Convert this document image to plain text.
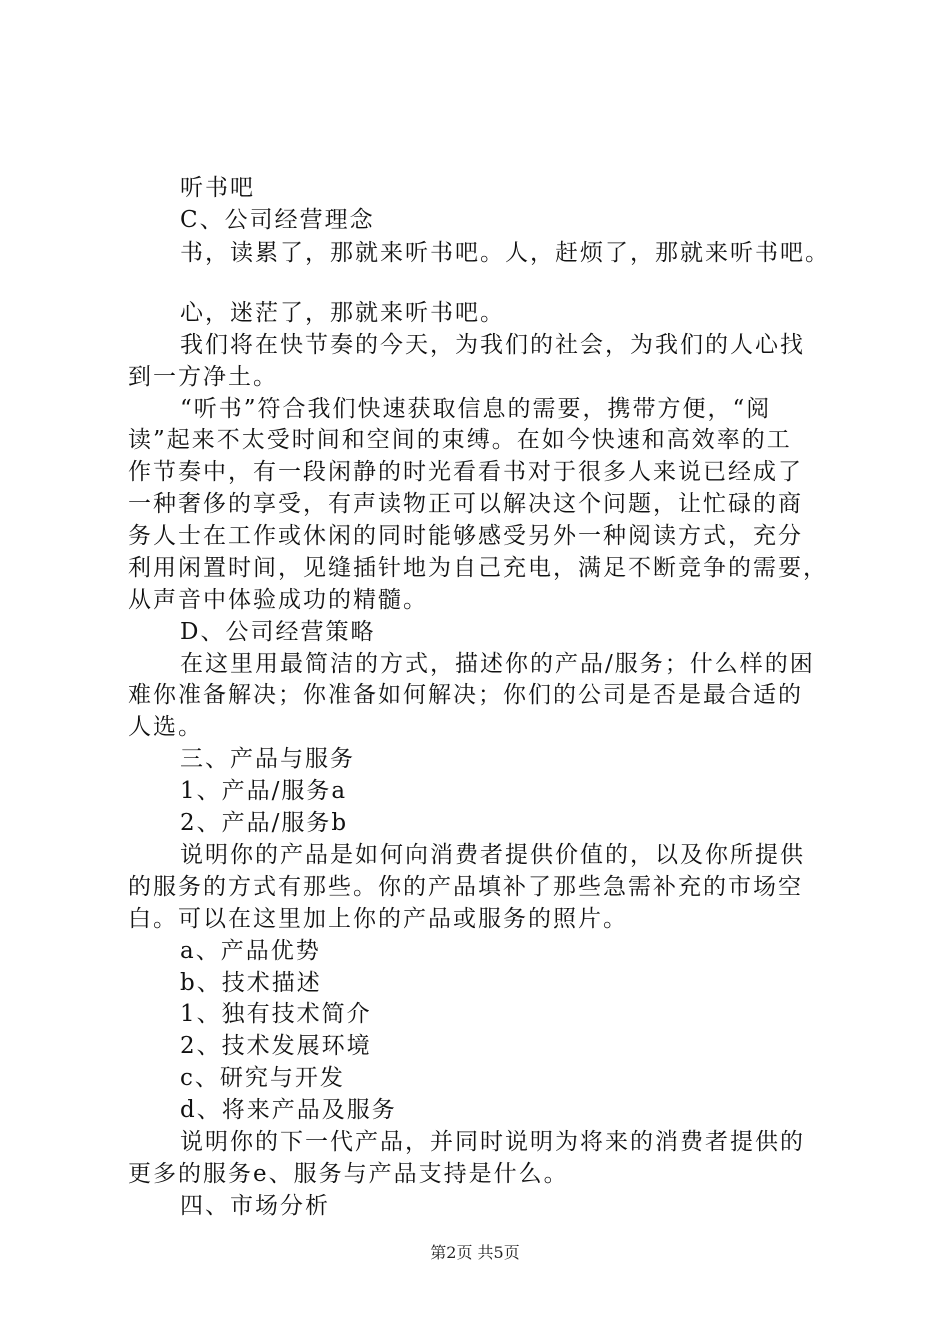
听书吧
C、公司经营理念
书，读累了，那就来听书吧。人，赶烦了，那就来听书吧。
心，迷茫了，那就来听书吧。
我们将在快节奏的今天，为我们的社会，为我们的人心找
到一方净土。
“听书”符合我们快速获取信息的需要，携带方便，“阅
读”起来不太受时间和空间的束缚。在如今快速和高效率的工
作节奏中，有一段闲静的时光看看书对于很多人来说已经成了
一种奢侈的享受，有声读物正可以解决这个问题，让忙碌的商
务人士在工作或休闲的同时能够感受另外一种阅读方式，充分
利用闲置时间，见缝插针地为自己充电，满足不断竞争的需要，
从声音中体验成功的精髓。
D、公司经营策略
在这里用最简洁的方式，描述你的产品/服务；什么样的困
难你准备解决；你准备如何解决；你们的公司是否是最合适的
人选。
三、产品与服务
1、产品/服务a
2、产品/服务b
说明你的产品是如何向消费者提供价值的，以及你所提供
的服务的方式有那些。你的产品填补了那些急需补充的市场空
白。可以在这里加上你的产品或服务的照片。
a、产品优势
b、技术描述
1、独有技术简介
2、技术发展环境
c、研究与开发
d、将来产品及服务
说明你的下一代产品，并同时说明为将来的消费者提供的
更多的服务e、服务与产品支持是什么。
四、市场分析
第2页 共5页
